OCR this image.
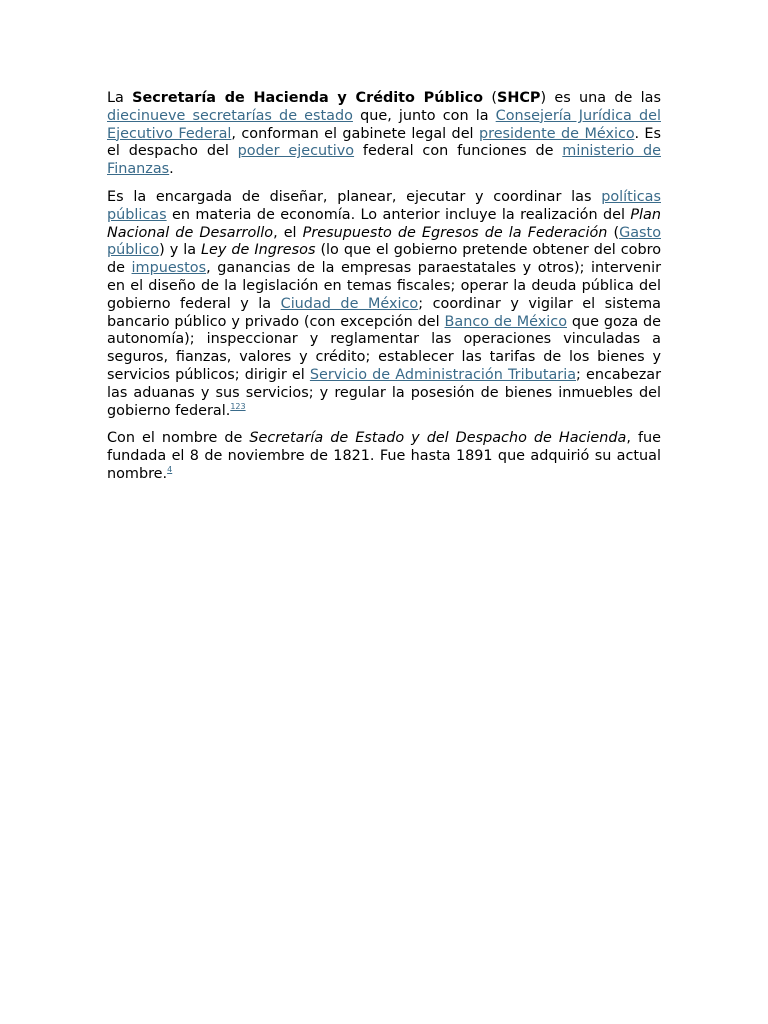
La Secretaría de Hacienda y Crédito Público (SHCP) es una de las diecinueve secretarías de estado que, junto con la Consejería Jurídica del Ejecutivo Federal, conforman el gabinete legal del presidente de México. Es el despacho del poder ejecutivo federal con funciones de ministerio de Finanzas.

Es la encargada de diseñar, planear, ejecutar y coordinar las políticas públicas en materia de economía. Lo anterior incluye la realización del Plan Nacional de Desarrollo, el Presupuesto de Egresos de la Federación (Gasto público) y la Ley de Ingresos (lo que el gobierno pretende obtener del cobro de impuestos, ganancias de la empresas paraestatales y otros); intervenir en el diseño de la legislación en temas fiscales; operar la deuda pública del gobierno federal y la Ciudad de México; coordinar y vigilar el sistema bancario público y privado (con excepción del Banco de México que goza de autonomía); inspeccionar y reglamentar las operaciones vinculadas a seguros, fianzas, valores y crédito; establecer las tarifas de los bienes y servicios públicos; dirigir el Servicio de Administración Tributaria; encabezar las aduanas y sus servicios; y regular la posesión de bienes inmuebles del gobierno federal.$^{123}$

Con el nombre de Secretaría de Estado y del Despacho de Hacienda, fue fundada el 8 de noviembre de 1821. Fue hasta 1891 que adquirió su actual nombre.$^4$
